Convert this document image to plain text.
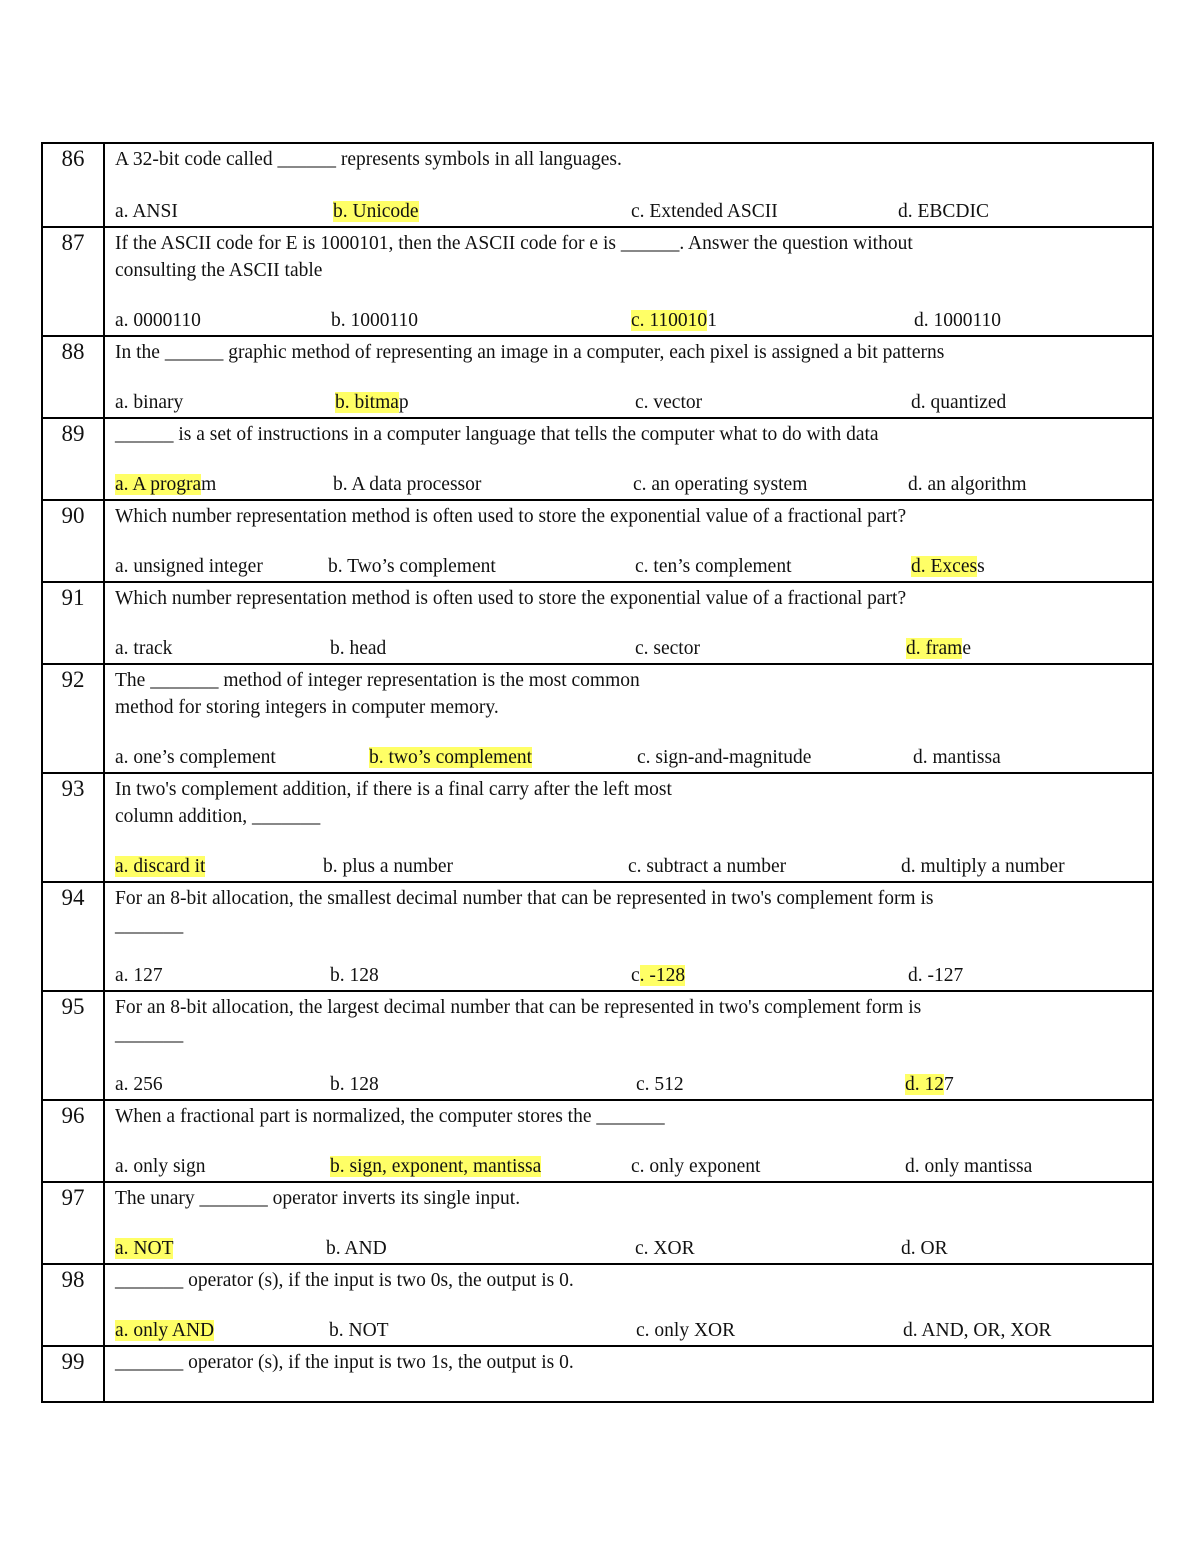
86	A 32-bit code called ______ represents symbols in all languages.
a. ANSI	b. Unicode	c. Extended ASCII	d. EBCDIC
87	If the ASCII code for E is 1000101, then the ASCII code for e is ______. Answer the question without
consulting the ASCII table
a. 0000110	b. 1000110	c. 1100101	d. 1000110
88	In the ______ graphic method of representing an image in a computer, each pixel is assigned a bit patterns
a. binary	b. bitmap	c. vector	d. quantized
89	______ is a set of instructions in a computer language that tells the computer what to do with data
a. A program	b. A data processor	c. an operating system	d. an algorithm
90	Which number representation method is often used to store the exponential value of a fractional part?
a. unsigned integer	b. Two’s complement	c. ten’s complement	d. Excess
91	Which number representation method is often used to store the exponential value of a fractional part?
a. track	b. head	c. sector	d. frame
92	The _______ method of integer representation is the most common
method for storing integers in computer memory.
a. one’s complement	b. two’s complement	c. sign-and-magnitude	d. mantissa
93	In two's complement addition, if there is a final carry after the left most
column addition, _______
a. discard it	b. plus a number	c. subtract a number	d. multiply a number
94	For an 8-bit allocation, the smallest decimal number that can be represented in two's complement form is
_______
a. 127	b. 128	c. -128	d. -127
95	For an 8-bit allocation, the largest decimal number that can be represented in two's complement form is
_______
a. 256	b. 128	c. 512	d. 127
96	When a fractional part is normalized, the computer stores the _______
a. only sign	b. sign, exponent, mantissa	c. only exponent	d. only mantissa
97	The unary _______ operator inverts its single input.
a. NOT	b. AND	c. XOR	d. OR
98	_______ operator (s), if the input is two 0s, the output is 0.
a. only AND	b. NOT	c. only XOR	d. AND, OR, XOR
99	_______ operator (s), if the input is two 1s, the output is 0.
